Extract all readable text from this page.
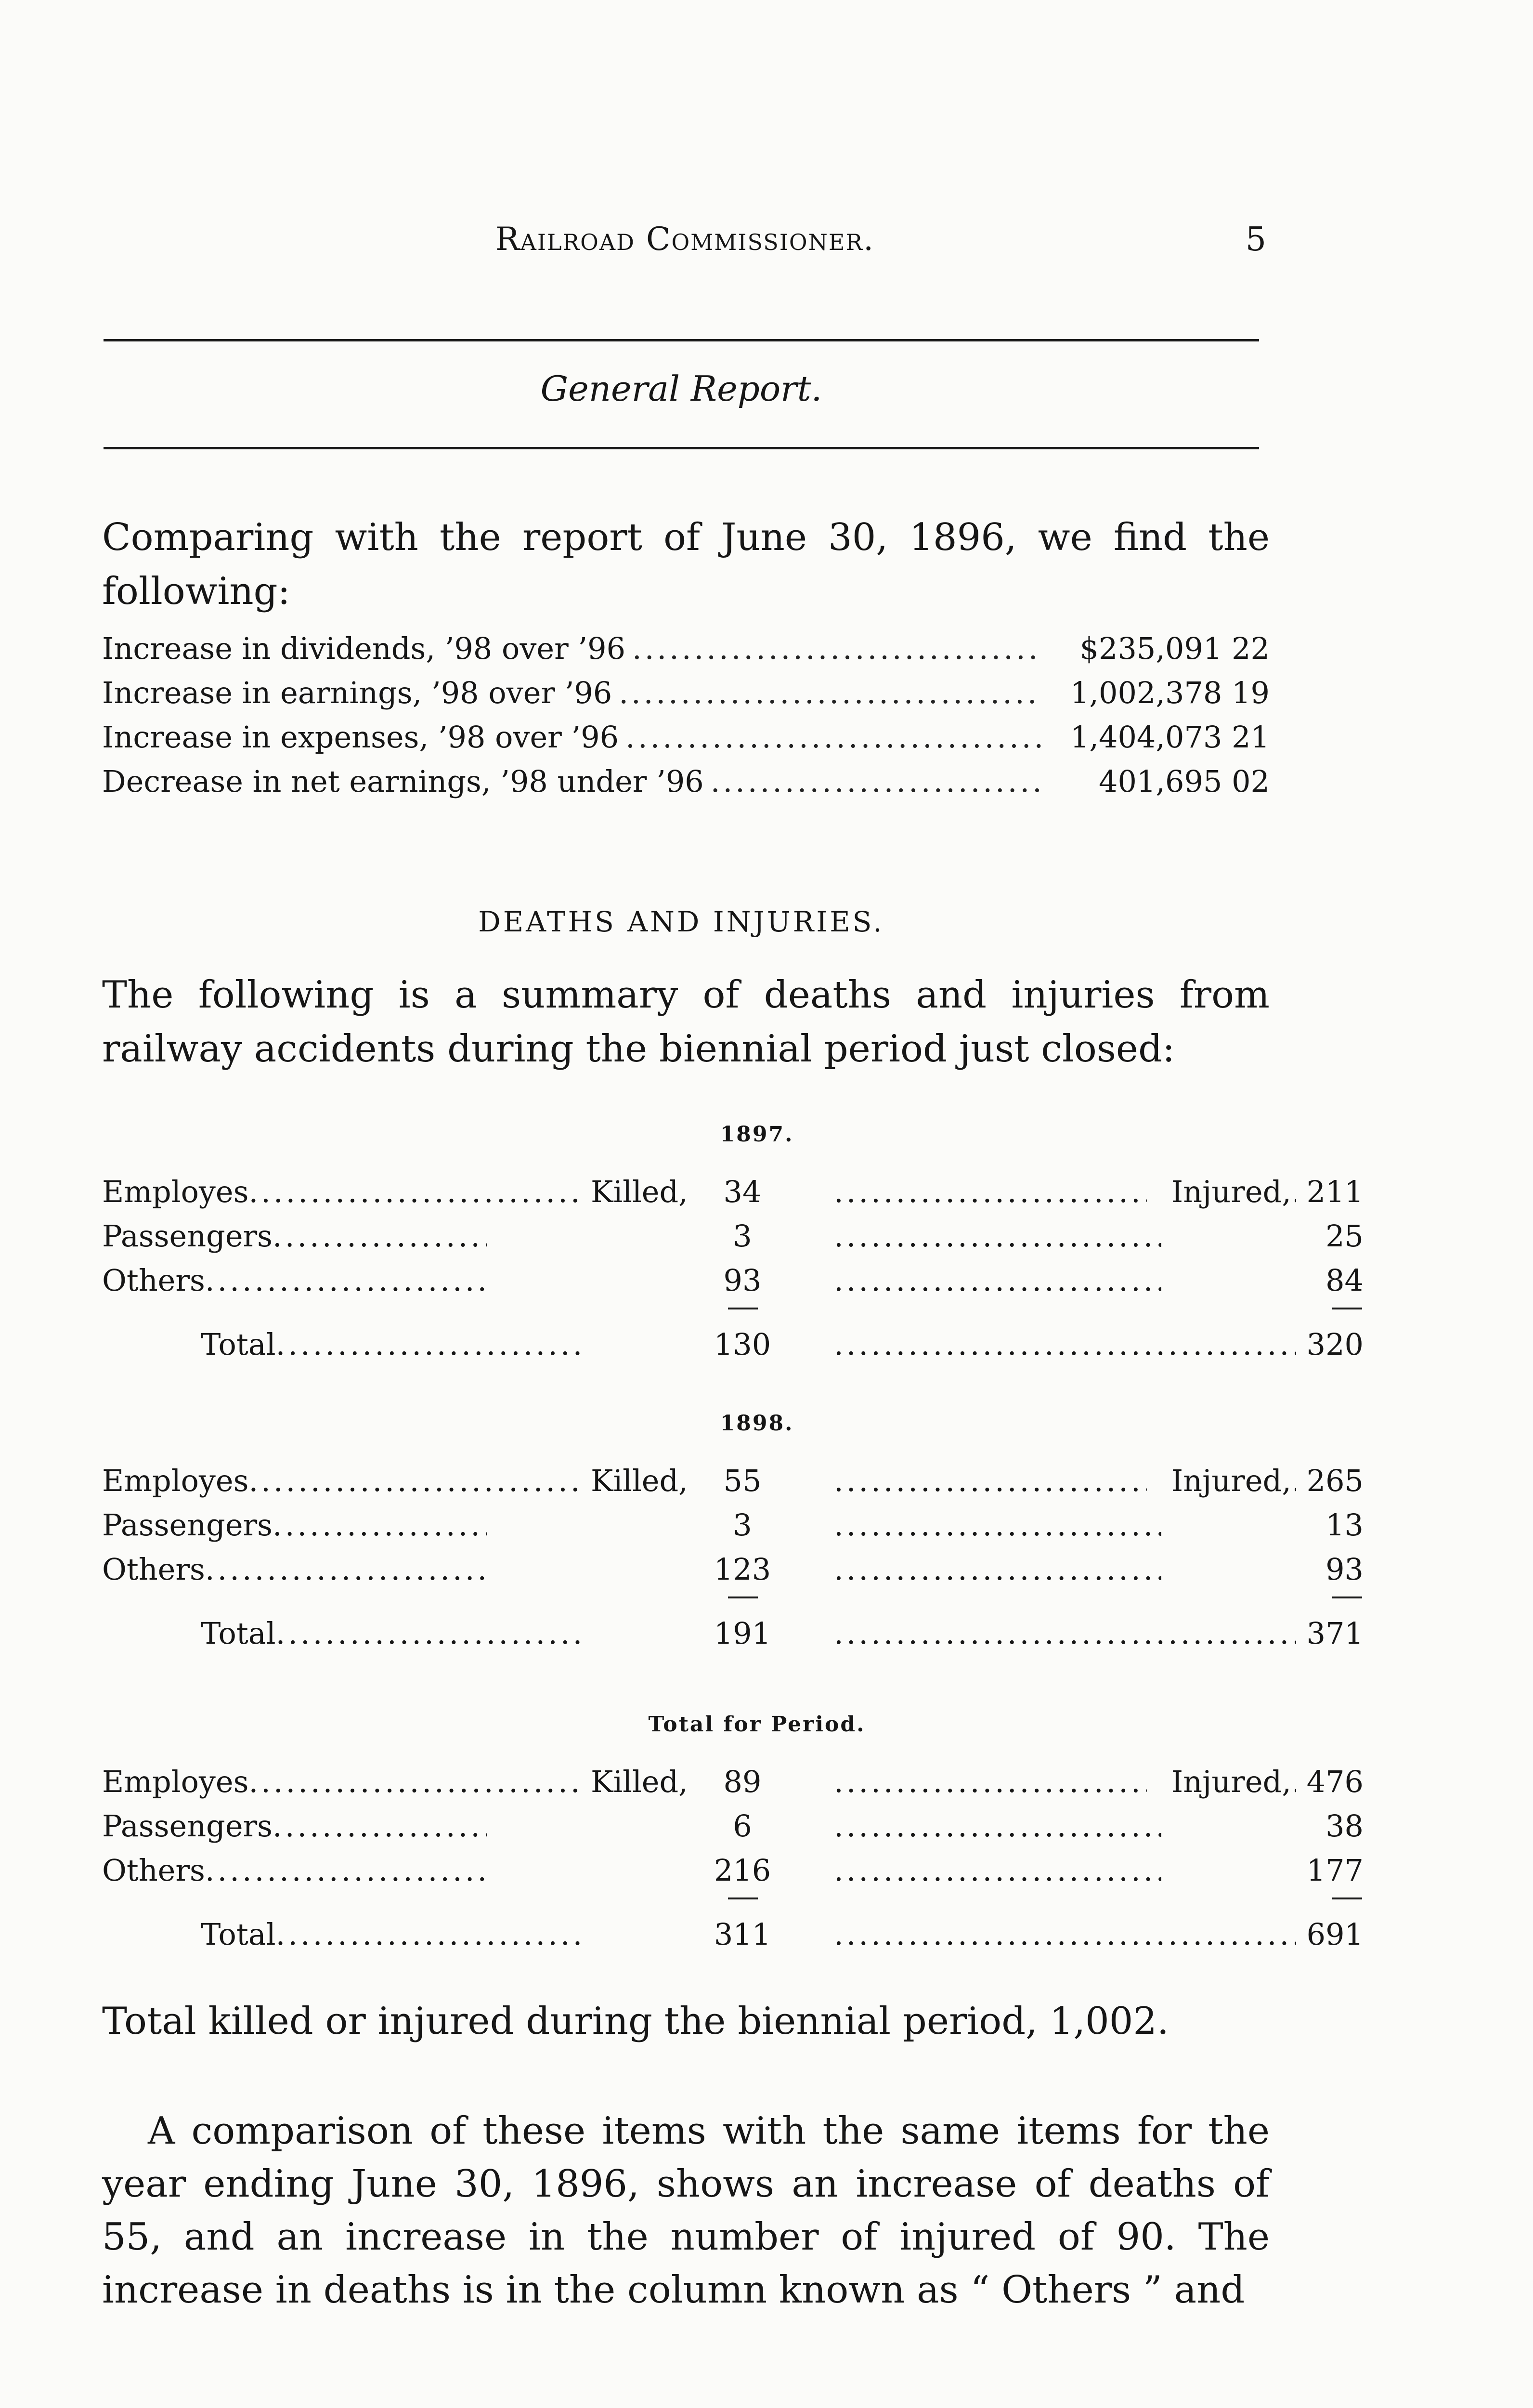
Railroad Commissioner.	5
General Report.
Comparing with the report of June 30, 1896, we find the following:
Increase in dividends, ’98 over ’96 .....	$235,091 22
Increase in earnings, ’98 over ’96 .....	1,002,378 19
Increase in expenses, ’98 over ’96 .....	1,404,073 21
Decrease in net earnings, ’98 under ’96 .....	401,695 02
DEATHS AND INJURIES.
The following is a summary of deaths and injuries from railway accidents during the biennial period just closed:
1897.
Employes .....	Killed,	34 .....	Injured, 211
Passengers .....	3 .....	25
Others .....	93 .....	84
Total .....	130 .....	320
1898.
Employes .....	Killed,	55 .....	Injured, 265
Passengers .....	3 .....	13
Others .....	123 .....	93
Total .....	191 .....	371
Total for Period.
Employes .....	Killed,	89 .....	Injured, 476
Passengers .....	6 .....	38
Others .....	216 .....	177
Total .....	311 .....	691
Total killed or injured during the biennial period, 1,002.
A comparison of these items with the same items for the year ending June 30, 1896, shows an increase of deaths of 55, and an increase in the number of injured of 90. The increase in deaths is in the column known as “ Others ” and
